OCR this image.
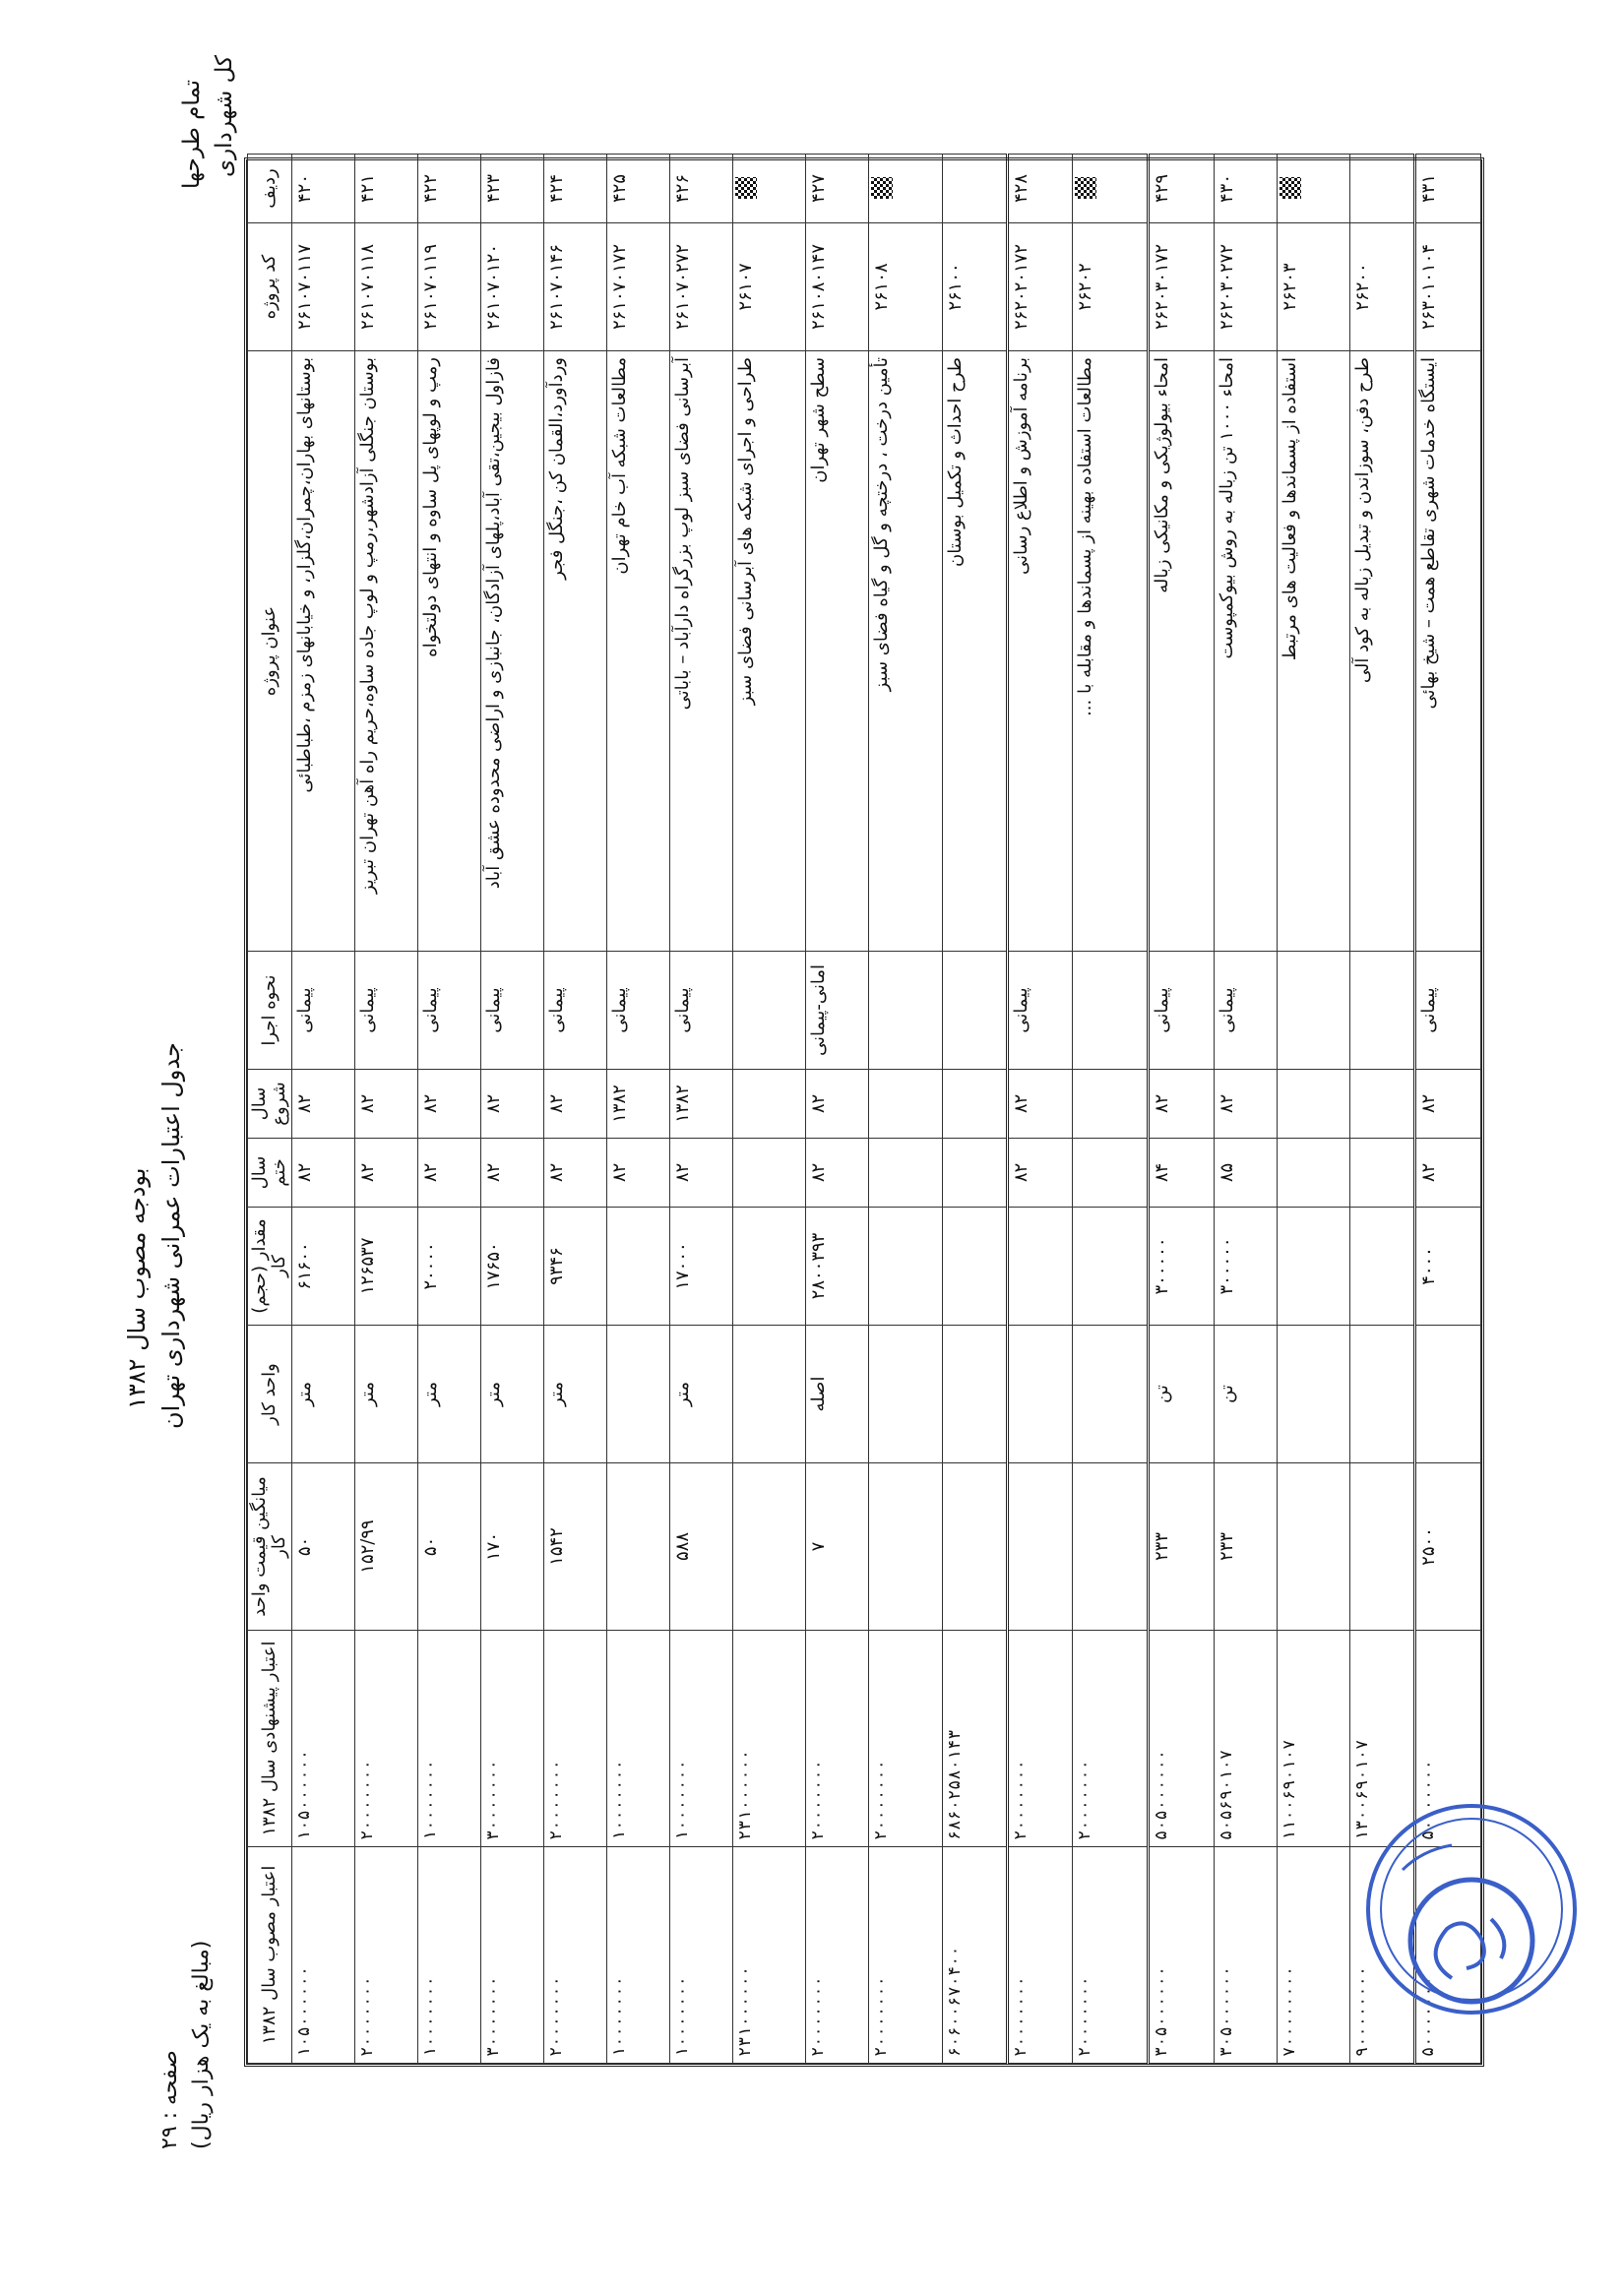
بودجه مصوب سال ۱۳۸۲ جدول اعتبارات عمرانی شهرداری تهران
صفحه : ۲۹ (مبالغ به یک هزار ریال)
تمام طرحها کل شهرداری
ردیف	کد پروژه	عنوان پروژه	نحوه اجرا	سال شروع	سال ختم	مقدار (حجم) کار	واحد کار	میانگین قیمت واحد کار	اعتبار پیشنهادی سال ۱۳۸۲	اعتبار مصوب سال ۱۳۸۲
۴۲۰	۲۶۱۰۷۰۱۱۷	بوستانهای بهاران،چمران،گلزار، و خیابانهای زمزم ،طباطبائی	پیمانی	۸۲	۸۲	۶۱۶۰۰	متر	۵۰	۱۰۵۰۰۰۰۰۰	۱۰۵۰۰۰۰۰۰
۴۲۱	۲۶۱۰۷۰۱۱۸	بوستان جنگلی آزادشهر،رمپ و لوپ جاده ساوه،حریم راه آهن تهران تبریز	پیمانی	۸۲	۸۲	۱۲۶۵۳۷	متر	۱۵۲/۹۹	۲۰۰۰۰۰۰۰	۲۰۰۰۰۰۰۰
۴۲۲	۲۶۱۰۷۰۱۱۹	رمپ و لوپهای پل ساوه و انتهای دولتخواه	پیمانی	۸۲	۸۲	۲۰۰۰۰	متر	۵۰	۱۰۰۰۰۰۰۰	۱۰۰۰۰۰۰۰
۴۲۳	۲۶۱۰۷۰۱۲۰	فازاول بیجین،تقی آباد،پلهای آزادگان، جانبازی و اراضی محدوده عشق آباد	پیمانی	۸۲	۸۲	۱۷۶۵۰	متر	۱۷۰	۳۰۰۰۰۰۰۰	۳۰۰۰۰۰۰۰
۴۲۴	۲۶۱۰۷۰۱۴۶	وردآورد،القمان کن ،جنگل فجر	پیمانی	۸۲	۸۲	۹۳۴۶	متر	۱۵۴۲	۲۰۰۰۰۰۰۰	۲۰۰۰۰۰۰۰
۴۲۵	۲۶۱۰۷۰۱۷۲	مطالعات شبکه آب خام تهران	پیمانی	۱۳۸۲	۸۲				۱۰۰۰۰۰۰۰	۱۰۰۰۰۰۰۰
۴۲۶	۲۶۱۰۷۰۲۷۲	آبرسانی فضای سبز لوپ بزرگراه دارآباد – باباتی	پیمانی	۱۳۸۲	۸۲	۱۷۰۰۰	متر	۵۸۸	۱۰۰۰۰۰۰۰	۱۰۰۰۰۰۰۰
	۲۶۱۰۷	طراحی و اجرای شبکه های آبرسانی فضای سبز							۲۳۱۰۰۰۰۰۰	۲۳۱۰۰۰۰۰۰
۴۲۷	۲۶۱۰۸۰۱۴۷	سطح شهر تهران	امانی-پیمانی	۸۲	۸۲	۲۸۰۰۳۹۳	اصله	۷	۲۰۰۰۰۰۰۰	۲۰۰۰۰۰۰۰
	۲۶۱۰۸	تأمین درخت ، درختچه و گل و گیاه فضای سبز							۲۰۰۰۰۰۰۰	۲۰۰۰۰۰۰۰
	۲۶۱۰۰	طرح احداث و تکمیل بوستان							۶۸۶۰۲۵۸۰۱۴۳	۶۰۶۰۰۶۷۰۴۰۰
۴۲۸	۲۶۲۰۲۰۱۷۲	برنامه آموزش و اطلاع رسانی	پیمانی	۸۲	۸۲				۲۰۰۰۰۰۰۰	۲۰۰۰۰۰۰۰
	۲۶۲۰۲	مطالعات استفاده بهینه از پسماندها و مقابله با ...							۲۰۰۰۰۰۰۰	۲۰۰۰۰۰۰۰
۴۲۹	۲۶۲۰۳۰۱۷۲	امحاء بیولوژیکی و مکانیکی زباله	پیمانی	۸۲	۸۴	۳۰۰۰۰۰	تن	۲۳۳	۵۰۵۰۰۰۰۰۰	۳۰۵۰۰۰۰۰۰
۴۳۰	۲۶۲۰۳۰۲۷۲	امحاء ۱۰۰۰ تن زباله به روش بیوکمپوست	پیمانی	۸۲	۸۵	۳۰۰۰۰۰	تن	۲۳۳	۵۰۵۶۹۰۱۰۷	۳۰۵۰۰۰۰۰۰
	۲۶۲۰۳	استفاده از پسماندها و فعالیت های مرتبط							۱۱۰۰۶۹۰۱۰۷	۷۰۰۰۰۰۰۰۰
	۲۶۲۰۰	طرح دفن، سوزاندن و تبدیل زباله به کود آلی							۱۳۰۰۶۹۰۱۰۷	۹۰۰۰۰۰۰۰۰
۴۳۱	۲۶۳۰۱۰۱۰۴	ایستگاه خدمات شهری تقاطع همت – شیخ بهائی	پیمانی	۸۲	۸۲	۴۰۰۰		۲۵۰۰	۵۰۰۰۰۰۰۰	۵۰۰۰۰۰۰۰
